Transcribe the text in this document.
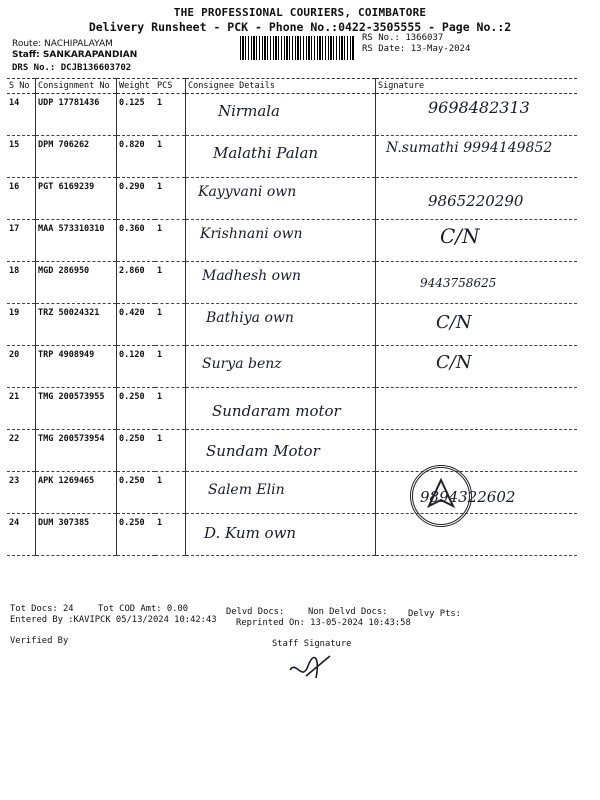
THE PROFESSIONAL COURIERS, COIMBATORE
Delivery Runsheet - PCK - Phone No.:0422-3505555 - Page No.:2
Route: NACHIPALAYAM
Staff: SANKARAPANDIAN
DRS No.: DCJB136603702
RS No.: 1366037
RS Date: 13-May-2024
S No	Consignment No	Weight	PCS	Consignee Details	Signature
14	UDP 17781436	0.125	1	Nirmala	9698482313
15	DPM 706262	0.820	1	Malathi Palan	N.sumathi 9994149852
16	PGT 6169239	0.290	1	Kayyvani own	9865220290
17	MAA 573310310	0.360	1	Krishnani own	C/N
18	MGD 286950	2.860	1	Madhesh own	9443758625
19	TRZ 50024321	0.420	1	Bathiya own	C/N
20	TRP 4908949	0.120	1	Surya benz	C/N
21	TMG 200573955	0.250	1	Sundaram motor	
22	TMG 200573954	0.250	1	Sundam Motor	
23	APK 1269465	0.250	1	Salem Elin	9894322602
24	DUM 307385	0.250	1	D. Kum own	
Tot Docs: 24	Tot COD Amt: 0.00	Delvd Docs:	Non Delvd Docs: Delvy Pts:
Entered By :KAVIPCK 05/13/2024 10:42:43 Reprinted On: 13-05-2024 10:43:58
Verified By	Staff Signature
